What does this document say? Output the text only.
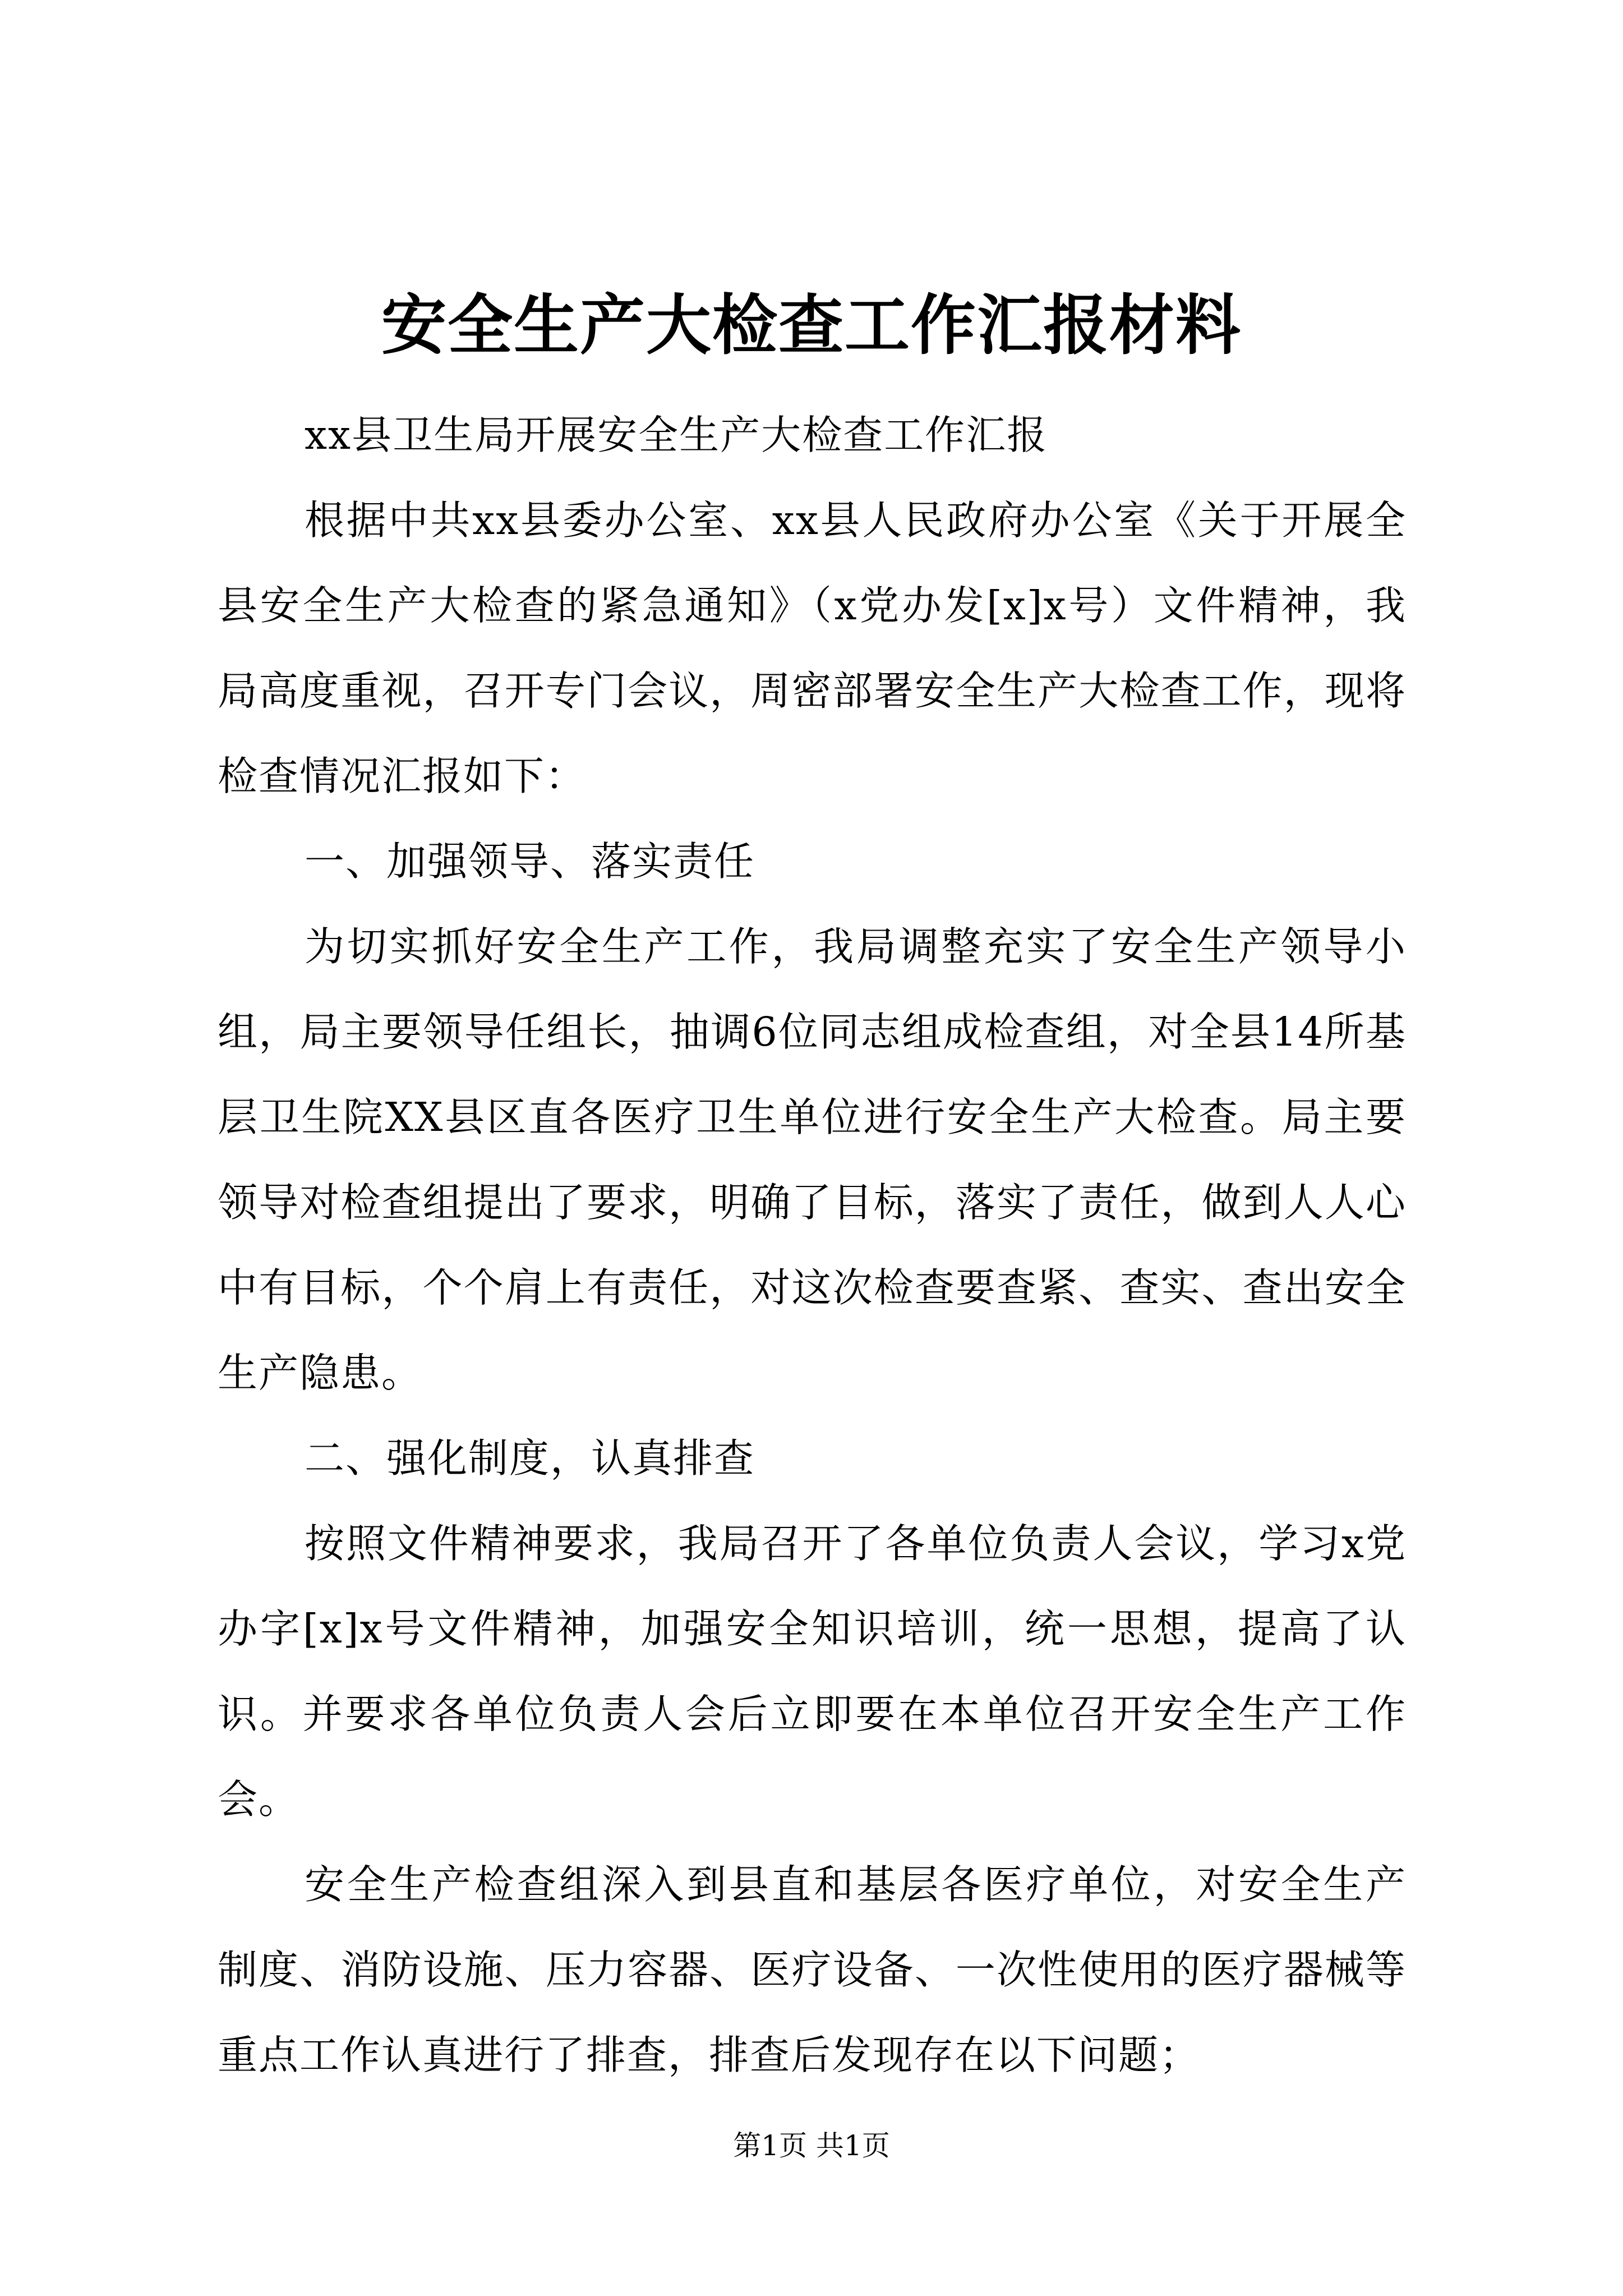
安全生产大检查工作汇报材料

xx县卫生局开展安全生产大检查工作汇报

根据中共xx县委办公室、xx县人民政府办公室《关于开展全县安全生产大检查的紧急通知》（x党办发[x]x号）文件精神，我局高度重视，召开专门会议，周密部署安全生产大检查工作，现将检查情况汇报如下：

一、加强领导、落实责任

为切实抓好安全生产工作，我局调整充实了安全生产领导小组，局主要领导任组长，抽调6位同志组成检查组，对全县14所基层卫生院XX县区直各医疗卫生单位进行安全生产大检查。局主要领导对检查组提出了要求，明确了目标，落实了责任，做到人人心中有目标，个个肩上有责任，对这次检查要查紧、查实、查出安全生产隐患。

二、强化制度，认真排查

按照文件精神要求，我局召开了各单位负责人会议，学习x党办字[x]x号文件精神，加强安全知识培训，统一思想，提高了认识。并要求各单位负责人会后立即要在本单位召开安全生产工作会。

安全生产检查组深入到县直和基层各医疗单位，对安全生产制度、消防设施、压力容器、医疗设备、一次性使用的医疗器械等重点工作认真进行了排查，排查后发现存在以下问题；

第1页 共1页
